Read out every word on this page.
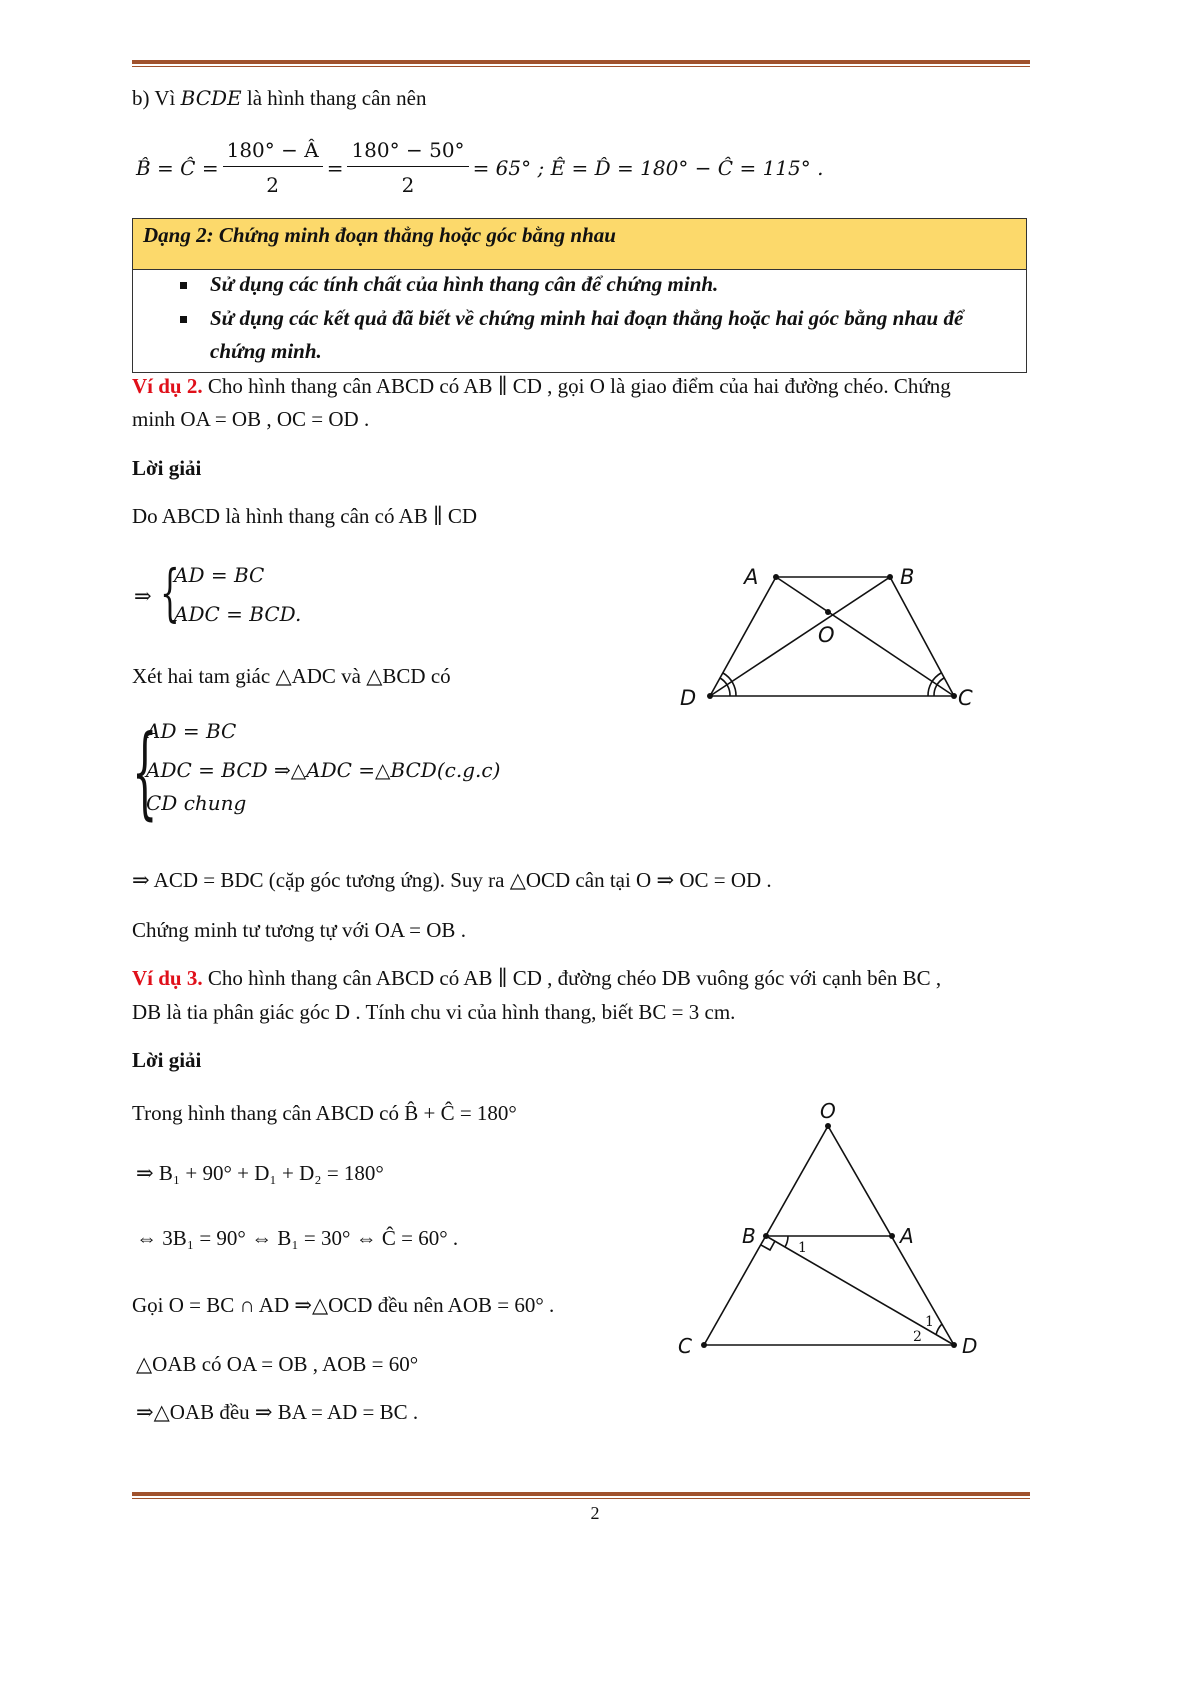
b) Vì BCDE là hình thang cân nên
B̂ = Ĉ = $\frac{180^\circ - Â}{2} = \frac{180^\circ - 50^\circ}{2} = 65^\circ$ ; Ê = D̂ = 180° − Ĉ = 115° .
Dạng 2: Chứng minh đoạn thẳng hoặc góc bằng nhau
Sử dụng các tính chất của hình thang cân để chứng minh.
Sử dụng các kết quả đã biết về chứng minh hai đoạn thẳng hoặc hai góc bằng nhau để
chứng minh.
Ví dụ 2. Cho hình thang cân ABCD có AB ∥ CD , gọi O là giao điểm của hai đường chéo. Chứng
minh OA = OB , OC = OD .
Lời giải
Do ABCD là hình thang cân có AB ∥ CD
⇒ {
AD = BC
ADC = BCD.
Xét hai tam giác △ADC và △BCD có
{
AD = BC
ADC = BCD ⇒△ADC =△BCD(c.g.c)
CD chung
⇒ ACD = BDC (cặp góc tương ứng). Suy ra △OCD cân tại O ⇒ OC = OD .
Chứng minh tư tương tự với OA = OB .
A	B
O
D	C
Ví dụ 3. Cho hình thang cân ABCD có AB ∥ CD , đường chéo DB vuông góc với cạnh bên BC ,
DB là tia phân giác góc D . Tính chu vi của hình thang, biết BC = 3 cm.
Lời giải
Trong hình thang cân ABCD có B̂ + Ĉ = 180°
⇒ B₁ + 90° + D₁ + D₂ = 180°
⇔ 3B₁ = 90° ⇔ B₁ = 30° ⇔ Ĉ = 60° .
Gọi O = BC ∩ AD ⇒△OCD đều nên AOB = 60° .
△OAB có OA = OB , AOB = 60°
⇒△OAB đều ⇒ BA = AD = BC .
O
B	A
C	D
1
1
2
2
